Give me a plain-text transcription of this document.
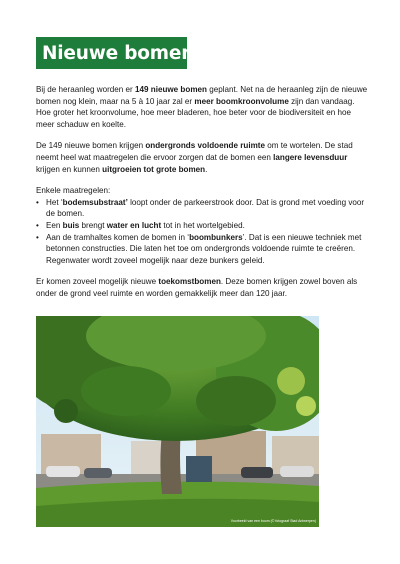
Nieuwe bomen

Bij de heraanleg worden er 149 nieuwe bomen geplant. Net na de heraanleg zijn de nieuwe bomen nog klein, maar na 5 à 10 jaar zal er meer boomkroonvolume zijn dan vandaag. Hoe groter het kroonvolume, hoe meer bladeren, hoe beter voor de biodiversiteit en hoe meer schaduw en koelte.

De 149 nieuwe bomen krijgen ondergronds voldoende ruimte om te wortelen. De stad neemt heel wat maatregelen die ervoor zorgen dat de bomen een langere levensduur krijgen en kunnen uitgroeien tot grote bomen.

Enkele maatregelen:
• Het ‘bodemsubstraat’ loopt onder de parkeerstrook door. Dat is grond met voeding voor de bomen.
• Een buis brengt water en lucht tot in het wortelgebied.
• Aan de tramhaltes komen de bomen in ‘boombunkers’. Dat is een nieuwe techniek met betonnen constructies. Die laten het toe om ondergronds voldoende ruimte te creëren. Regenwater wordt zoveel mogelijk naar deze bunkers geleid.

Er komen zoveel mogelijk nieuwe toekomstbomen. Deze bomen krijgen zowel boven als onder de grond veel ruimte en worden gemakkelijk meer dan 120 jaar.

Voorbeeld van een boom (© fotograaf Stad Antwerpen)
